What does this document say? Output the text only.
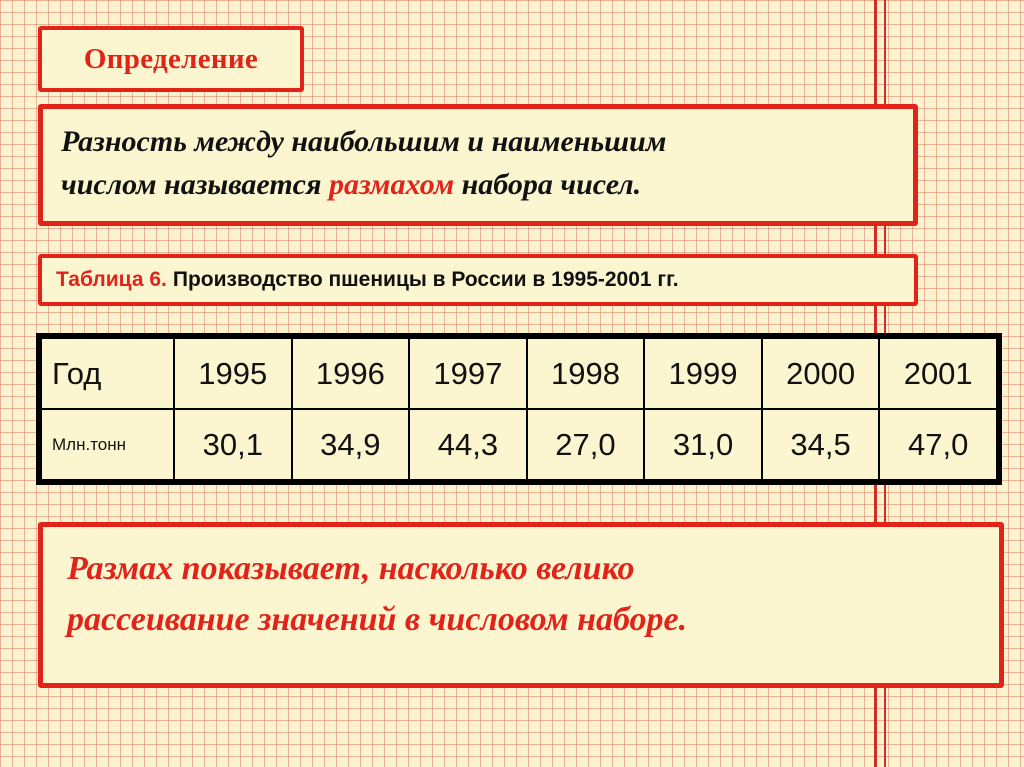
Определение
Разность между наибольшим и наименьшим
числом называется размахом набора чисел.
Таблица 6. Производство пшеницы в России в 1995-2001 гг.
Год	1995	1996	1997	1998	1999	2000	2001
Млн.тонн	30,1	34,9	44,3	27,0	31,0	34,5	47,0
Размах показывает, насколько велико
рассеивание значений в числовом наборе.
